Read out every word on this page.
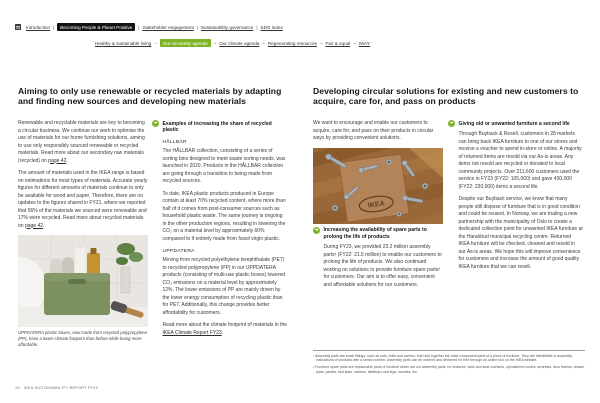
Introduction |	Becoming People & Planet Positive	| Stakeholder engagement | Sustainability governance | SDG index
Healthy & sustainable living –	Our circularity agenda	– Our climate agenda – Regenerating resources – Fair & equal – IWAY
Aiming to only use renewable or recycled materials by adapting and finding new sources and developing new materials
Developing circular solutions for existing and new customers to acquire, care for, and pass on products

Renewable and recyclable materials are key to becoming a circular business. We continue our work to optimise the use of materials for our home furnishing solutions, aiming to use only responsibly sourced renewable or recycled materials. Read more about our secondary raw materials (recycled) on page 42.

The amount of materials used in the IKEA range is based on estimations for most types of materials. Accurate yearly figures for different amounts of materials continue to only be available for wood and paper. Therefore, there are no updates to the figures shared in FY21, where we reported that 56% of the materials we sourced were renewable and 17% were recycled. Read more about recycled materials on page 42.

UPPDATERA plastic boxes, now made from recycled polypropylene (PP), have a lower climate footprint than before while being more affordable.

➔
Examples of increasing the share of recycled plastic
HÅLLBAR

The HÅLLBAR collection, consisting of a series of sorting bins designed to meet waste sorting needs, was launched in 2020. Products in the HÅLLBAR collection are going through a transition to being made from recycled sources.

To date, IKEA plastic products produced in Europe contain at least 70% recycled content, where more than half of it comes from post-consumer sources such as household plastic waste. The same journey is ongoing in the other production regions, resulting in lowering the CO₂ on a material level by approximately 60% compared to if entirely made from fossil virgin plastic.

UPPDATERA

Moving from recycled polyethylene terephthalate (PET) to recycled polypropylene (PP) in our UPPDATERA products (consisting of multi-use plastic boxes) lowered CO₂ emissions on a material level by approximately 12%. The lower emissions of PP are mainly driven by the lower energy consumption of recycling plastic than for PET. Additionally, this change provides better affordability for customers.

Read more about the climate footprint of materials in the IKEA Climate Report FY23.

We want to encourage and enable our customers to acquire, care for, and pass on their products in circular ways by providing convenient solutions.

IKEA
➔
Increasing the availability of spare parts to prolong the life of products

During FY23, we provided 23.2 million assembly parts¹ (FY22: 21.5 million) to enable our customers to prolong the life of products. We also continued working on solutions to provide furniture spare parts² for customers. Our aim is to offer easy, convenient and affordable solutions for our customers.

➔
Giving old or unwanted furniture a second life

Through Buyback & Resell, customers in 28 markets can bring back IKEA furniture to one of our stores and receive a voucher to spend in-store or online. A majority of returned items are resold via our As-is areas. Any items not resold are recycled or donated to local community projects. Over 211,600 customers used the service in FY23 (FY22: 105,000) and gave 430,000 (FY22: 230,000) items a second life.

Despite our Buyback service, we know that many people still dispose of furniture that is in good condition and could be reused. In Norway, we are trialing a new partnership with the municipality of Oslo to create a dedicated collection point for unwanted IKEA furniture at the Haraldrud municipal recycling centre. Returned IKEA furniture will be checked, cleaned and resold in our As-is areas. We hope this will improve convenience for customers and increase the amount of good quality IKEA furniture that we can resell.

¹ Assembly parts are small fittings, such as nuts, bolts and screws, that hold together the main component parts of a piece of furniture. They are identifiable in assembly instructions of products with a series number. Assembly parts can be ordered and delivered for free through an online tool on the IKEA website.
² Furniture spare parts are replaceable parts of furniture which are not assembly parts, for instance, back and seat cushions, upholstered covers, armrests, door frames, drawer parts, panels, bed slats, shelves, tabletops and legs, handles, etc.
19 · IKEA SUSTAINABILITY REPORT FY23
